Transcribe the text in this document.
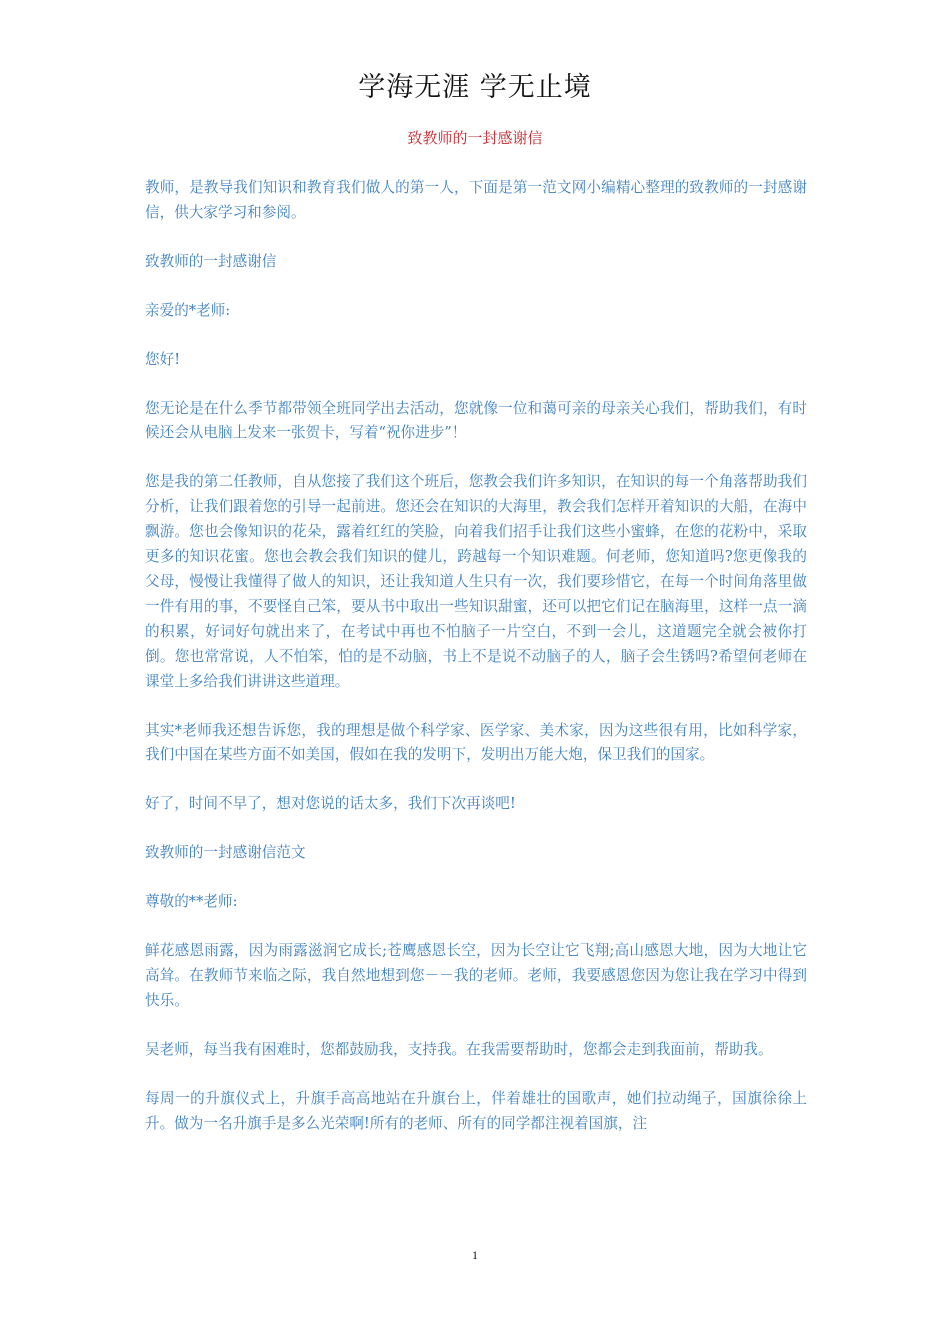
学海无涯 学无止境
致教师的一封感谢信

教师，是教导我们知识和教育我们做人的第一人，下面是第一范文网小编精心整理的致教师的一封感谢信，供大家学习和参阅。

致教师的一封感谢信

亲爱的*老师:

您好!

您无论是在什么季节都带领全班同学出去活动，您就像一位和蔼可亲的母亲关心我们，帮助我们，有时候还会从电脑上发来一张贺卡，写着“祝你进步”！

您是我的第二任教师，自从您接了我们这个班后，您教会我们许多知识，在知识的每一个角落帮助我们分析，让我们跟着您的引导一起前进。您还会在知识的大海里，教会我们怎样开着知识的大船，在海中飘游。您也会像知识的花朵，露着红红的笑脸，向着我们招手让我们这些小蜜蜂，在您的花粉中，采取更多的知识花蜜。您也会教会我们知识的健儿，跨越每一个知识难题。何老师，您知道吗?您更像我的父母，慢慢让我懂得了做人的知识，还让我知道人生只有一次，我们要珍惜它，在每一个时间角落里做一件有用的事，不要怪自己笨，要从书中取出一些知识甜蜜，还可以把它们记在脑海里，这样一点一滴的积累，好词好句就出来了，在考试中再也不怕脑子一片空白，不到一会儿，这道题完全就会被你打倒。您也常常说，人不怕笨，怕的是不动脑，书上不是说不动脑子的人，脑子会生锈吗?希望何老师在课堂上多给我们讲讲这些道理。

其实*老师我还想告诉您，我的理想是做个科学家、医学家、美术家，因为这些很有用，比如科学家，我们中国在某些方面不如美国，假如在我的发明下，发明出万能大炮，保卫我们的国家。

好了，时间不早了，想对您说的话太多，我们下次再谈吧!

致教师的一封感谢信范文

尊敬的**老师:

鲜花感恩雨露，因为雨露滋润它成长;苍鹰感恩长空，因为长空让它飞翔;高山感恩大地，因为大地让它高耸。在教师节来临之际，我自然地想到您－－我的老师。老师，我要感恩您因为您让我在学习中得到快乐。

吴老师，每当我有困难时，您都鼓励我，支持我。在我需要帮助时，您都会走到我面前，帮助我。

每周一的升旗仪式上，升旗手高高地站在升旗台上，伴着雄壮的国歌声，她们拉动绳子，国旗徐徐上升。做为一名升旗手是多么光荣啊!所有的老师、所有的同学都注视着国旗，注

1
